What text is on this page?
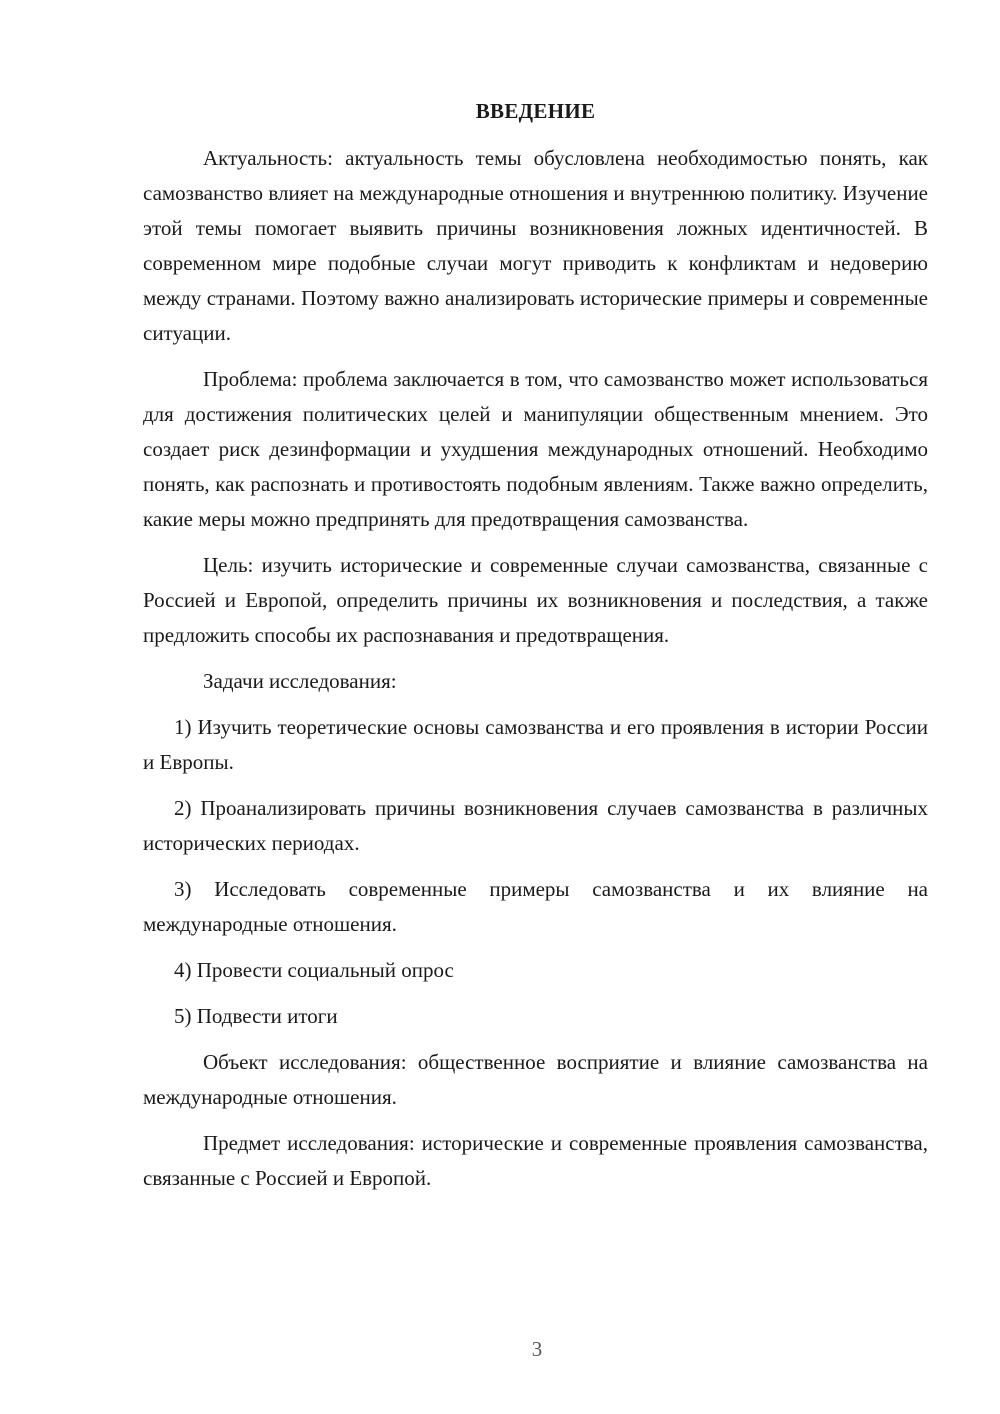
ВВЕДЕНИЕ

Актуальность: актуальность темы обусловлена необходимостью понять, как самозванство влияет на международные отношения и внутреннюю политику. Изучение этой темы помогает выявить причины возникновения ложных идентичностей. В современном мире подобные случаи могут приводить к конфликтам и недоверию между странами. Поэтому важно анализировать исторические примеры и современные ситуации.

Проблема: проблема заключается в том, что самозванство может использоваться для достижения политических целей и манипуляции общественным мнением. Это создает риск дезинформации и ухудшения международных отношений. Необходимо понять, как распознать и противостоять подобным явлениям. Также важно определить, какие меры можно предпринять для предотвращения самозванства.

Цель: изучить исторические и современные случаи самозванства, связанные с Россией и Европой, определить причины их возникновения и последствия, а также предложить способы их распознавания и предотвращения.

Задачи исследования:

1) Изучить теоретические основы самозванства и его проявления в истории России и Европы.

2) Проанализировать причины возникновения случаев самозванства в различных исторических периодах.

3) Исследовать современные примеры самозванства и их влияние на международные отношения.

4) Провести социальный опрос

5) Подвести итоги

Объект исследования: общественное восприятие и влияние самозванства на международные отношения.

Предмет исследования: исторические и современные проявления самозванства, связанные с Россией и Европой.

3
